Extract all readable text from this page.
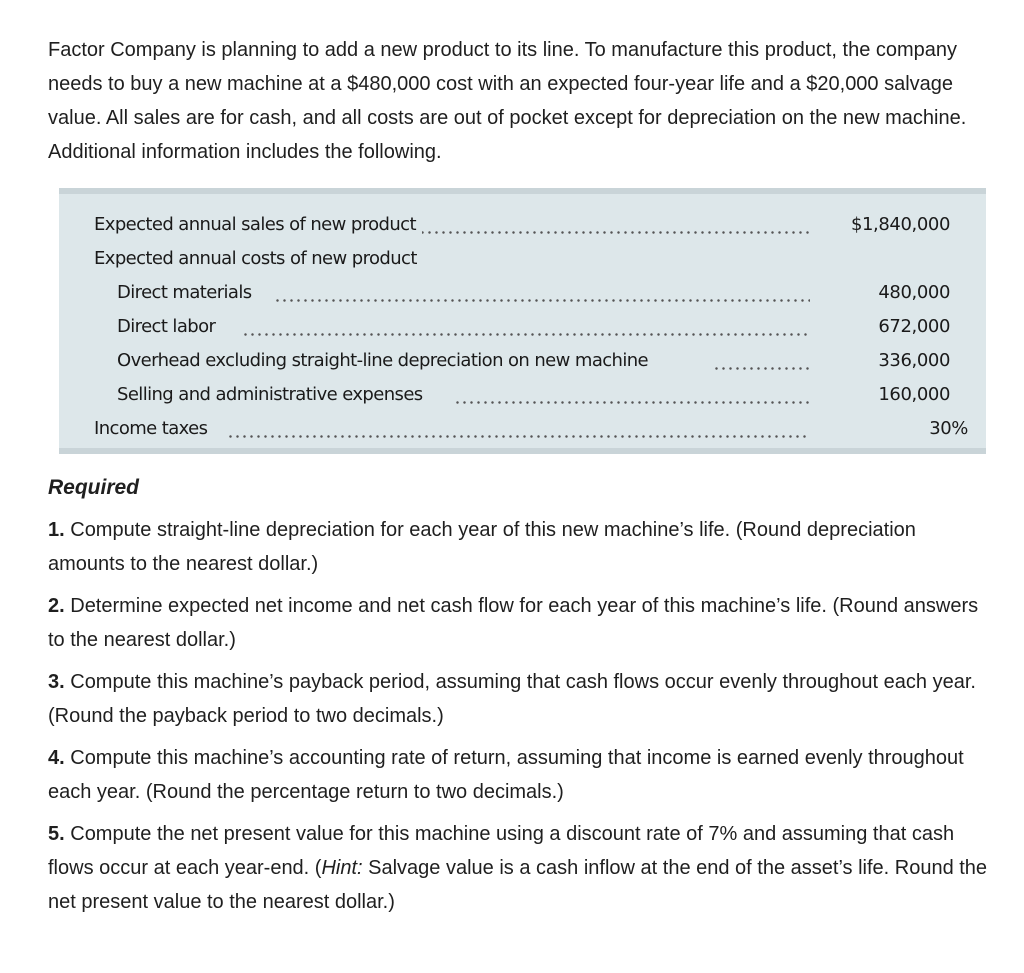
Factor Company is planning to add a new product to its line. To manufacture this product, the company needs to buy a new machine at a $480,000 cost with an expected four-year life and a $20,000 salvage value. All sales are for cash, and all costs are out of pocket except for depreciation on the new machine. Additional information includes the following.

Expected annual sales of new product	$1,840,000
Expected annual costs of new product
Direct materials	480,000
Direct labor	672,000
Overhead excluding straight-line depreciation on new machine	336,000
Selling and administrative expenses	160,000
Income taxes	30%

Required

1. Compute straight-line depreciation for each year of this new machine’s life. (Round depreciation amounts to the nearest dollar.)

2. Determine expected net income and net cash flow for each year of this machine’s life. (Round answers to the nearest dollar.)

3. Compute this machine’s payback period, assuming that cash flows occur evenly throughout each year. (Round the payback period to two decimals.)

4. Compute this machine’s accounting rate of return, assuming that income is earned evenly throughout each year. (Round the percentage return to two decimals.)

5. Compute the net present value for this machine using a discount rate of 7% and assuming that cash flows occur at each year-end. (Hint: Salvage value is a cash inflow at the end of the asset’s life. Round the net present value to the nearest dollar.)
